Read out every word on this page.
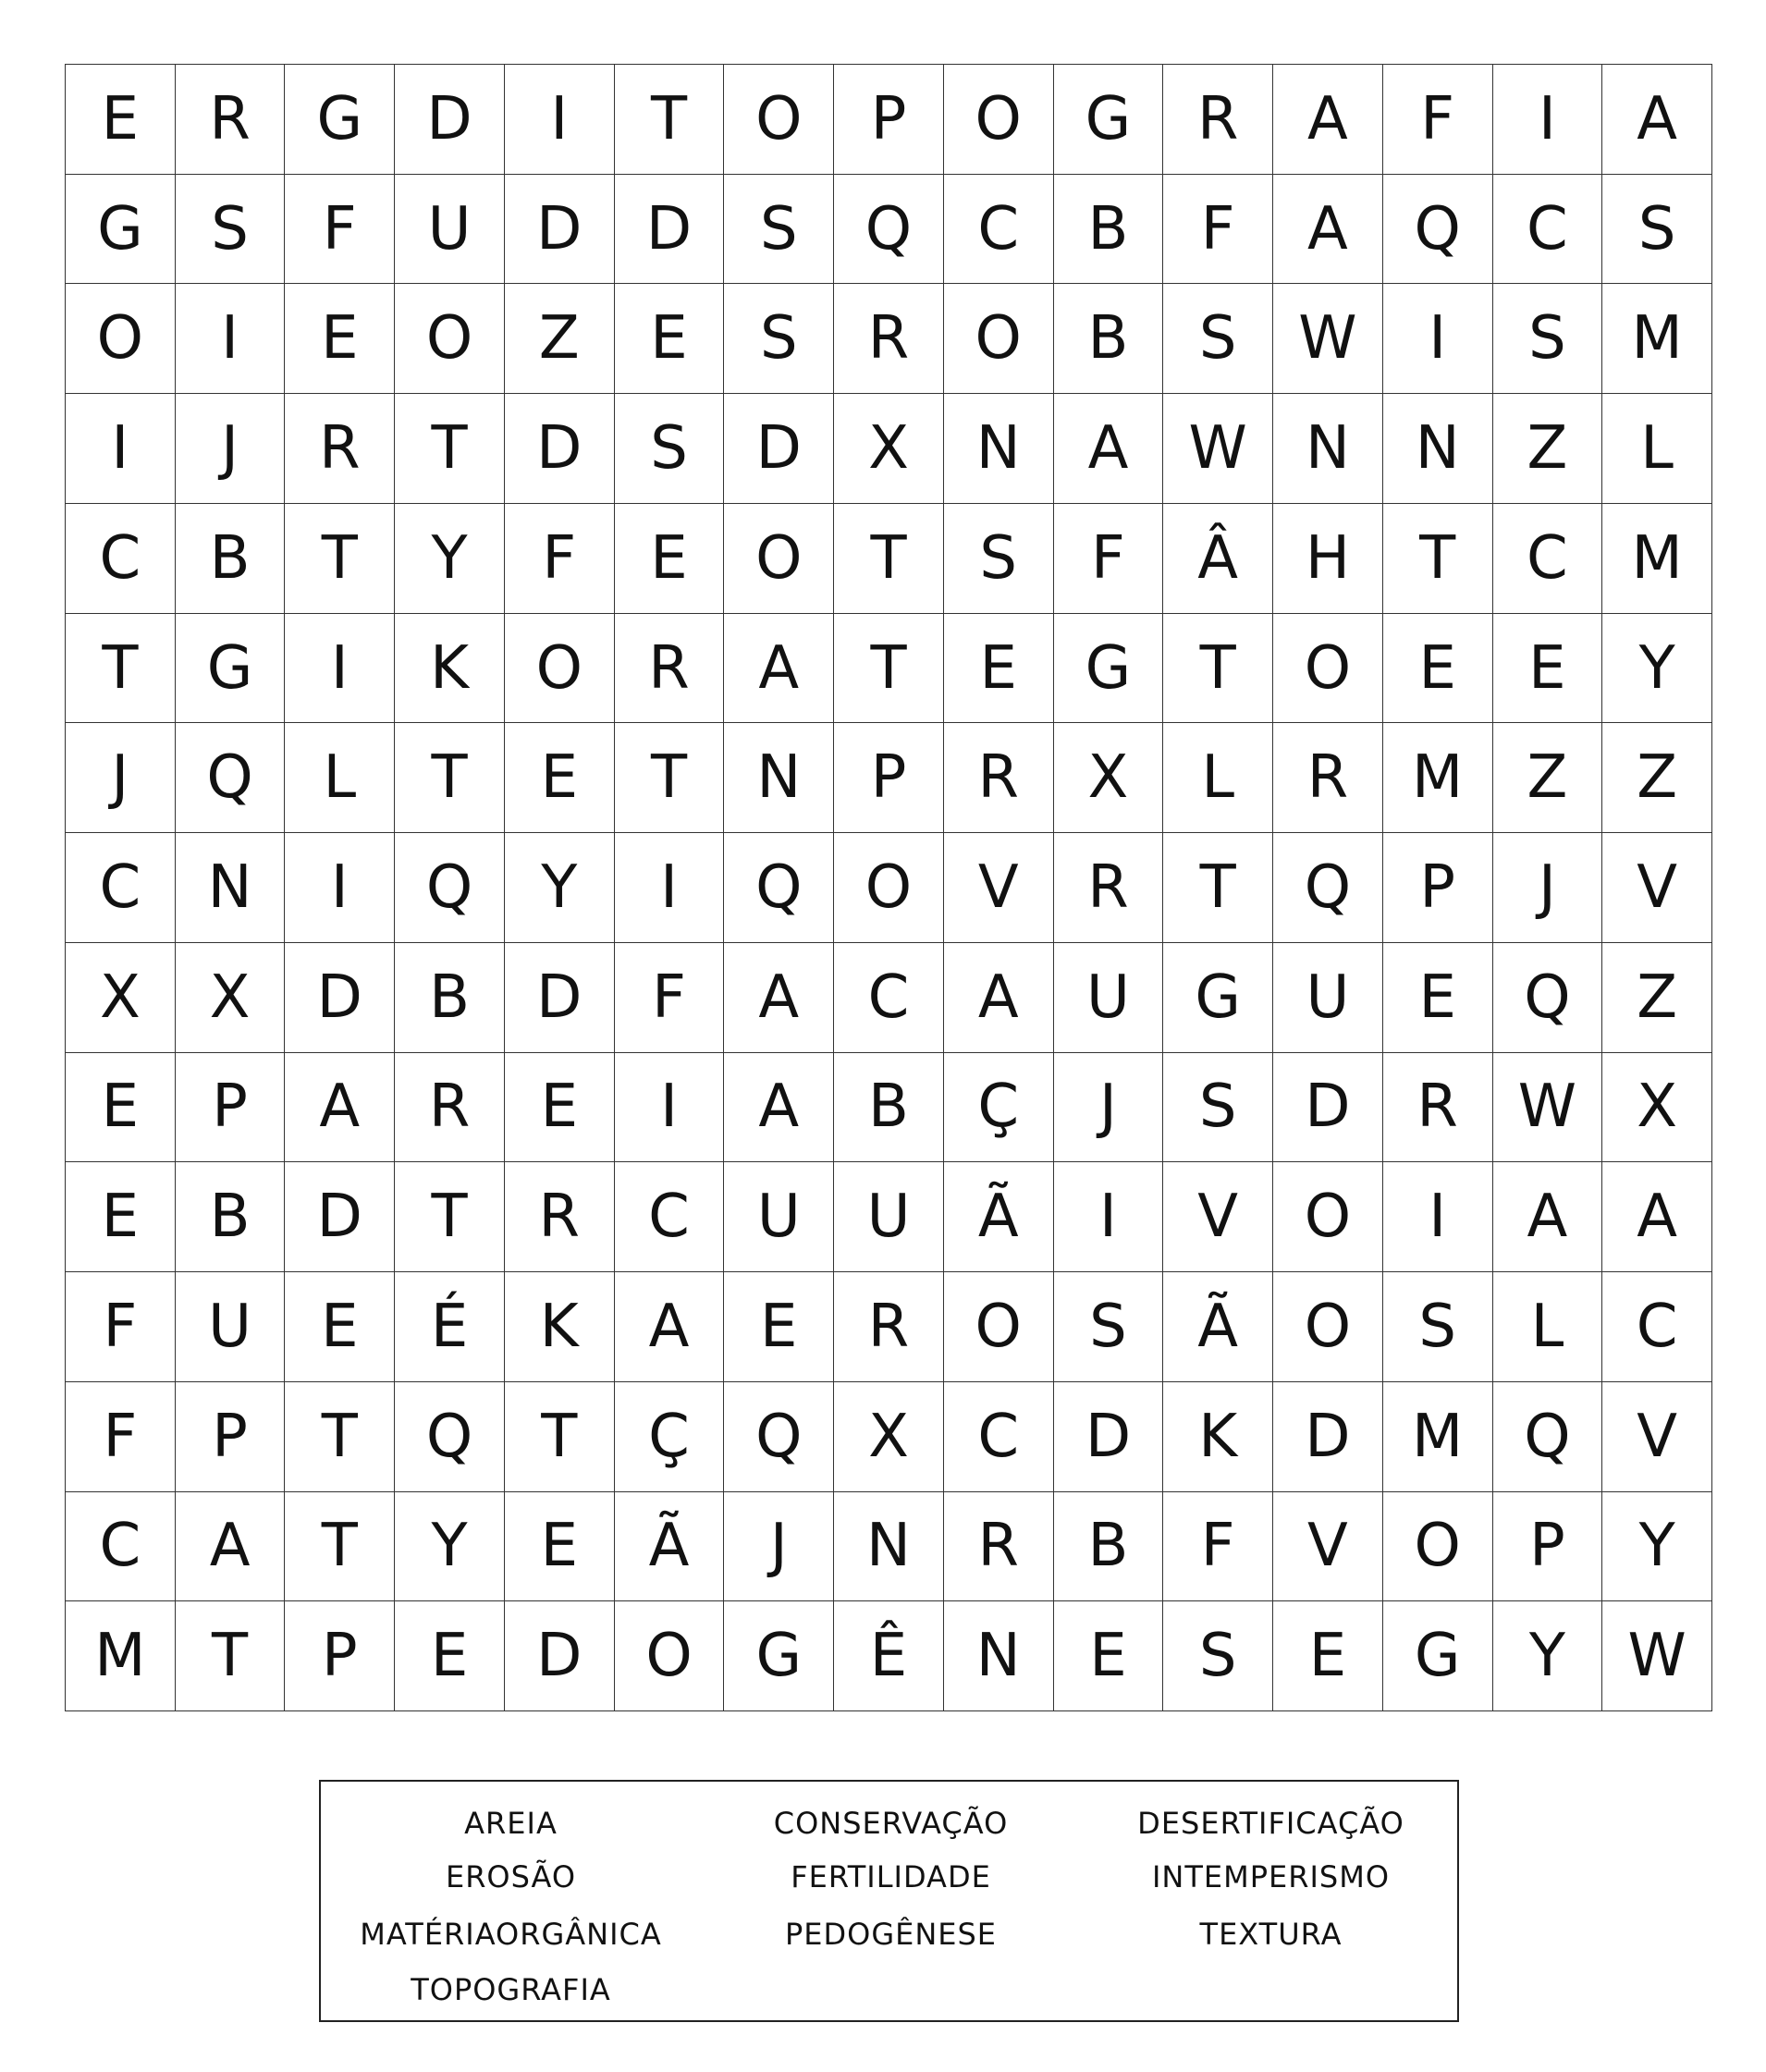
E	R	G	D	I	T	O	P	O	G	R	A	F	I	A
G	S	F	U	D	D	S	Q	C	B	F	A	Q	C	S
O	I	E	O	Z	E	S	R	O	B	S	W	I	S	M
I	J	R	T	D	S	D	X	N	A	W N	N	Z	L
C	B	T	Y	F	E	O	T	S	F	Â	H	T	C	M
T	G	I	K	O	R	A	T	E	G	T	O	E	E	Y
J	Q	L	T	E	T	N	P	R	X	L	R	M	Z	Z
C	N	I	Q	Y	I	Q	O	V	R	T	Q	P	J	V
X	X	D	B	D	F	A	C	A	U	G	U	E	Q	Z
E	P	A	R	E	I	A	B	Ç	J	S	D	R	W	X
E	B	D	T	R	C	U	U	Ã	I	V	O	I	A	A
F	U	E	É	K	A	E	R	O	S	Ã	O	S	L	C
F	P	T	Q	T	Ç	Q	X	C	D	K	D	M	Q	V
C	A	T	Y	E	Ã	J	N	R	B	F	V	O	P	Y
M	T	P	E	D	O	G	Ê	N	E	S	E	G	Y	W
AREIA	CONSERVAÇÃO	DESERTIFICAÇÃO
EROSÃO	FERTILIDADE	INTEMPERISMO
MATÉRIAORGÂNICA	PEDOGÊNESE	TEXTURA
TOPOGRAFIA
